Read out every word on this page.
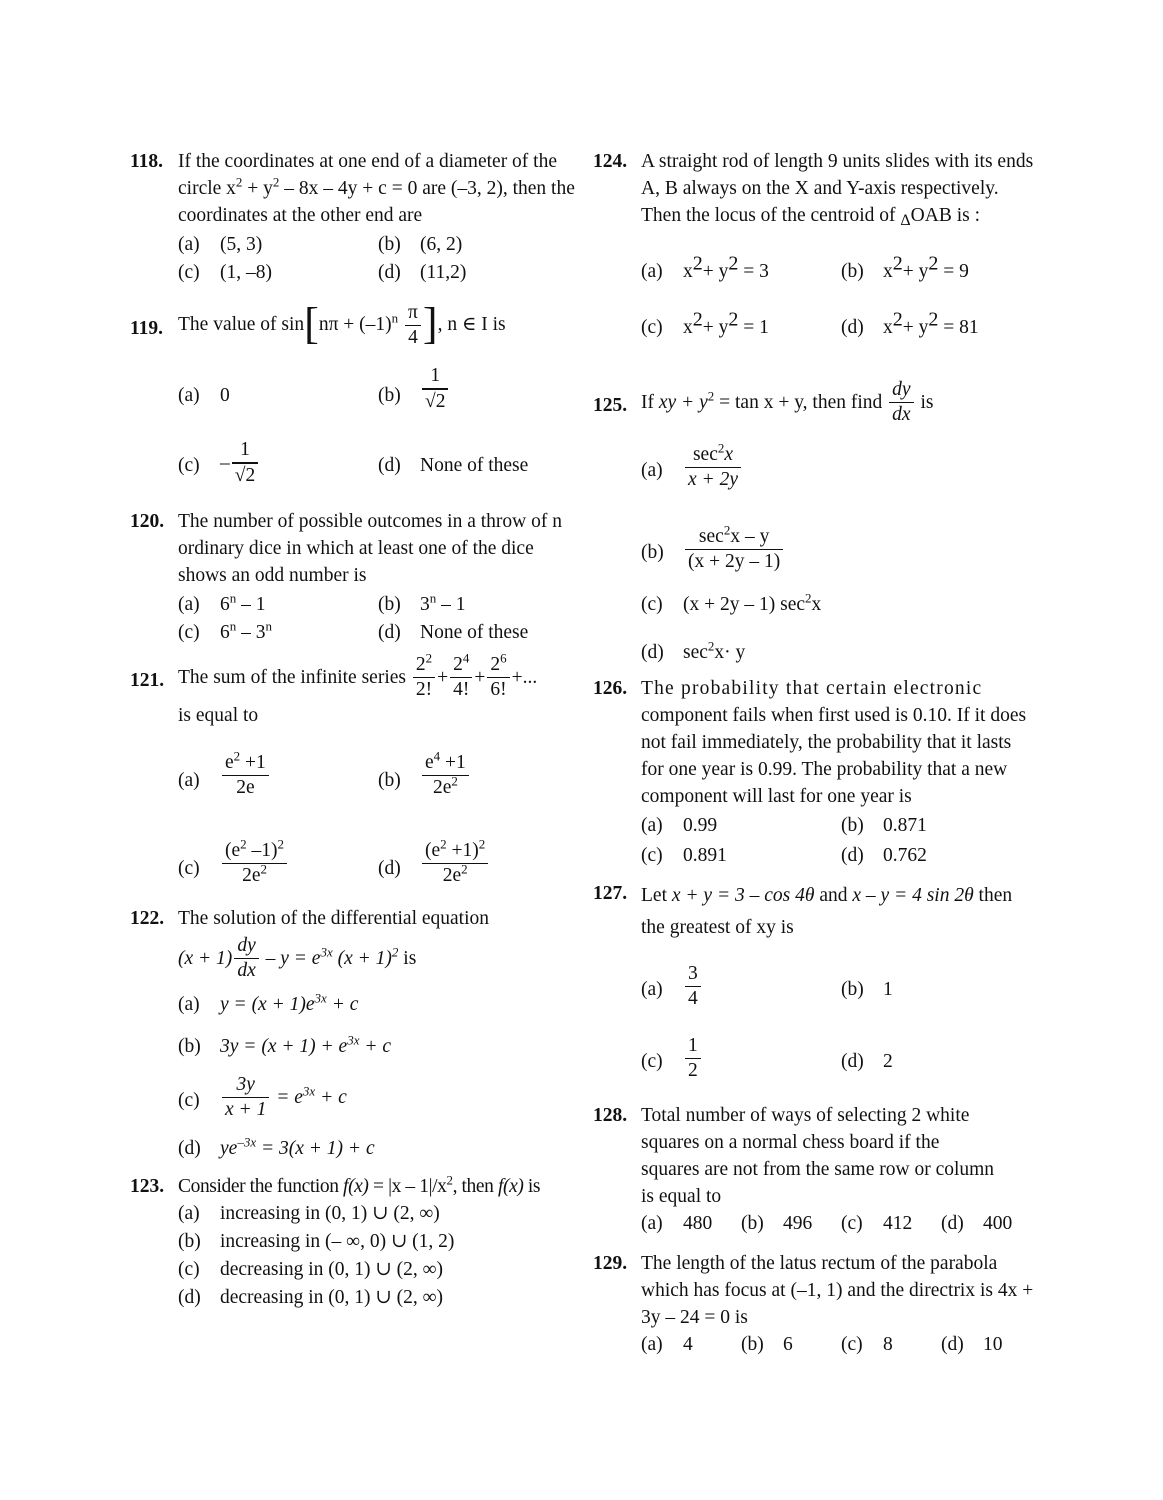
118. If the coordinates at one end of a diameter of the circle $x^2 + y^2 - 8x - 4y + c = 0$ are (–3, 2), then the coordinates at the other end are
(a) (5, 3)	(b) (6, 2)
(c) (1, –8)	(d) (11,2)
119. The value of $\sin[n\pi + (-1)^n \frac{\pi}{4}$ ], n ∈ I is
(a) 0	$(b) \frac{1}{√2}$
$(c) - \frac{1}{√2}$	(d) None of these
120. The number of possible outcomes in a throw of n ordinary dice in which at least one of the dice shows an odd number is
(a) 6$^n$ – 1	(b) 3$^n$ – 1
(c) 6$^n$ – 3$^n$	(d) None of these
121. The sum of the infinite series $\frac{2^2}{2!} + \frac{2^4}{4!} + \frac{2^6}{6!}$ +...
is equal to
$(a) \frac{e^2 +1}{2e}$	$(b) \frac{e^4 +1}{2e^2}$
$(c) \frac{(e^2 -1)^2}{2e^2}$	$(d) \frac{(e^2 +1)^2}{2e^2}$
122. The solution of the differential equation
$(x + 1) \frac{dy}{dx} - y = e^{3x}$ $(x + 1)^2$ is
(a) $y = (x + 1)e^{3x} + c$
(b) $3y = (x + 1) + e^{3x} + c$
$(c) \frac{3y}{x + 1} = e^{3x} + c$
(d) $ye^{-3x} = 3(x + 1) + c$
123. Consider the function $f(x) = |x - 1|/x^2$, then f(x) is
(a) increasing in (0, 1) ∪ (2, ∞)
(b) increasing in (– ∞, 0) ∪ (1, 2)
(c) decreasing in (0, 1) ∪ (2, ∞)
(d) decreasing in (0, 1) ∪ (2, ∞)
124. A straight rod of length 9 units slides with its ends A, B always on the X and Y-axis respectively. Then the locus of the centroid of $_\Delta$OAB is :
(a) $x^2+ y^2 = 3$	(b) $x^2+ y^2 = 9$
(c) $x^2+ y^2 = 1$	(d) $x^2+ y^2 = 81$
125. If xy + $y^2 = \tan x + y$, then find $\frac{dy}{dx}$ is
$(a) \frac{\sec^2x}{x + 2y}$
$(b) \frac{\sec^2x - y}{(x + 2y - 1)}$
(c) (x + 2y – 1) $\sec^2x$
(d) $\sec^2x\cdot y$
126. The probability that certain electronic
component fails when first used is 0.10. If it does not fail immediately, the probability that it lasts for one year is 0.99. The probability that a new component will last for one year is
(a) 0.99	(b) 0.871
(c) 0.891	(d) 0.762
127. Let x + y = 3 – cos 4θ and x – y = 4 sin 2θ then the greatest of xy is
$(a) \frac{3}{4}$	(b) 1
$(c) \frac{1}{2}$	(d) 2
128. Total number of ways of selecting 2 white
squares on a normal chess board if the
squares are not from the same row or column
is equal to
(a) 480 (b) 496 (c) 412 (d) 400
129. The length of the latus rectum of the parabola which has focus at (–1, 1) and the directrix is 4x + 3y – 24 = 0 is
(a) 4 (b) 6 (c) 8 (d) 10
